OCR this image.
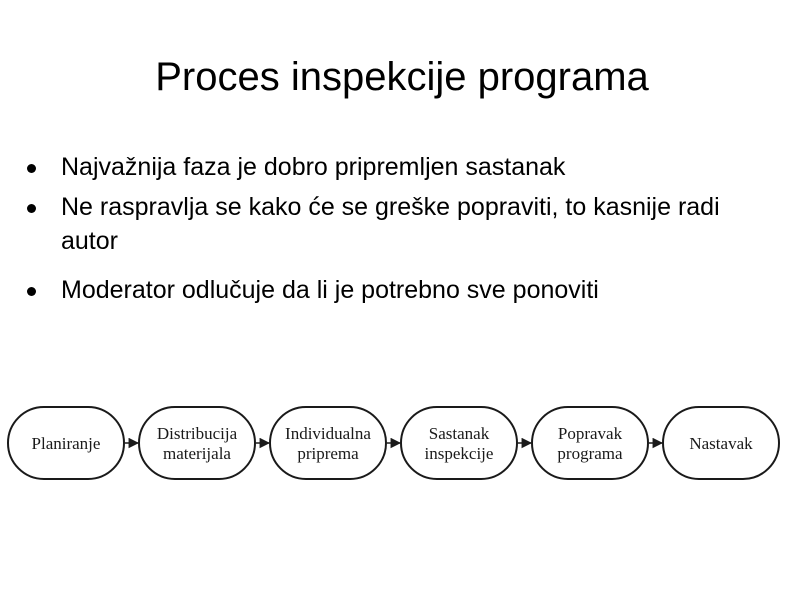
Proces inspekcije programa
Najvažnija faza je dobro pripremljen sastanak
Ne raspravlja se kako će se greške popraviti, to kasnije radi autor
Moderator odlučuje da li je potrebno sve ponoviti
Planiranje
Distribucija
materijala
Individualna
priprema
Sastanak
inspekcije
Popravak
programa
Nastavak
